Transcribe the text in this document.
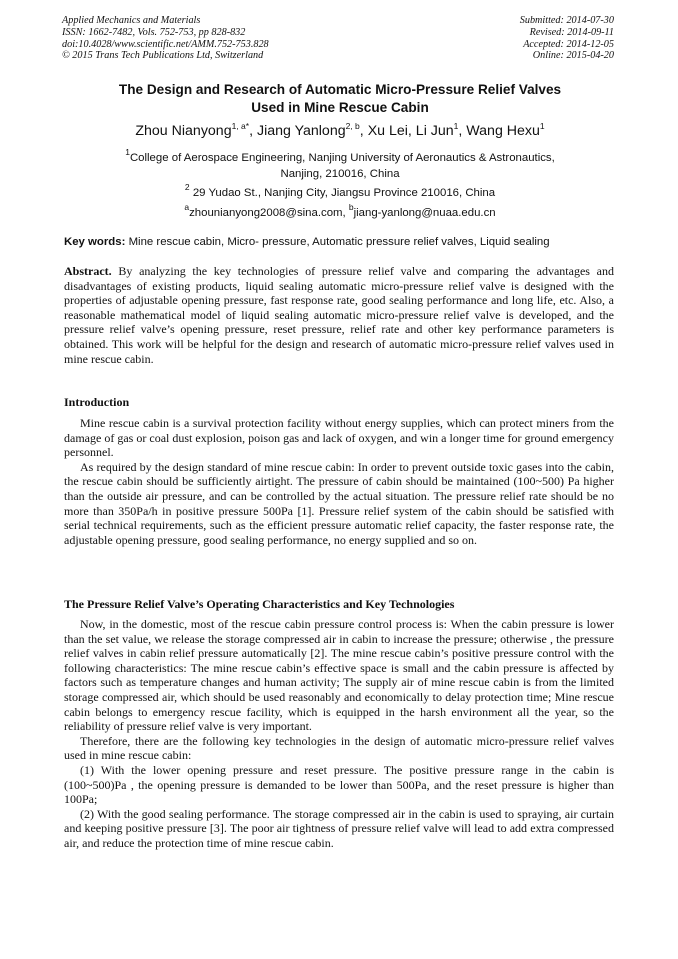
Applied Mechanics and Materials
ISSN: 1662-7482, Vols. 752-753, pp 828-832
doi:10.4028/www.scientific.net/AMM.752-753.828
© 2015 Trans Tech Publications Ltd, Switzerland
Submitted: 2014-07-30
Revised: 2014-09-11
Accepted: 2014-12-05
Online: 2015-04-20
The Design and Research of Automatic Micro-Pressure Relief Valves
Used in Mine Rescue Cabin
Zhou Nianyong$^{1, a*}$, Jiang Yanlong$^{2, b}$, Xu Lei, Li Jun$^1$, Wang Hexu$^1$
$^1$College of Aerospace Engineering, Nanjing University of Aeronautics & Astronautics,
Nanjing, 210016, China
$^2$ 29 Yudao St., Nanjing City, Jiangsu Province 210016, China
$^a$zhounianyong2008@sina.com, $^b$jiang-yanlong@nuaa.edu.cn
Key words: Mine rescue cabin, Micro- pressure, Automatic pressure relief valves, Liquid sealing

Abstract. By analyzing the key technologies of pressure relief valve and comparing the advantages and disadvantages of existing products, liquid sealing automatic micro-pressure relief valve is designed with the properties of adjustable opening pressure, fast response rate, good sealing performance and long life, etc. Also, a reasonable mathematical model of liquid sealing automatic micro-pressure relief valve is developed, and the pressure relief valve’s opening pressure, reset pressure, relief rate and other key performance parameters is obtained. This work will be helpful for the design and research of automatic micro-pressure relief valves used in mine rescue cabin.

Introduction

Mine rescue cabin is a survival protection facility without energy supplies, which can protect miners from the damage of gas or coal dust explosion, poison gas and lack of oxygen, and win a longer time for ground emergency personnel.

As required by the design standard of mine rescue cabin: In order to prevent outside toxic gases into the cabin, the rescue cabin should be sufficiently airtight. The pressure of cabin should be maintained (100~500) Pa higher than the outside air pressure, and can be controlled by the actual situation. The pressure relief rate should be no more than 350Pa/h in positive pressure 500Pa [1]. Pressure relief system of the cabin should be satisfied with serial technical requirements, such as the efficient pressure automatic relief capacity, the faster response rate, the adjustable opening pressure, good sealing performance, no energy supplied and so on.

The Pressure Relief Valve’s Operating Characteristics and Key Technologies

Now, in the domestic, most of the rescue cabin pressure control process is: When the cabin pressure is lower than the set value, we release the storage compressed air in cabin to increase the pressure; otherwise , the pressure relief valves in cabin relief pressure automatically [2]. The mine rescue cabin’s positive pressure control with the following characteristics: The mine rescue cabin’s effective space is small and the cabin pressure is affected by factors such as temperature changes and human activity; The supply air of mine rescue cabin is from the limited storage compressed air, which should be used reasonably and economically to delay protection time; Mine rescue cabin belongs to emergency rescue facility, which is equipped in the harsh environment all the year, so the reliability of pressure relief valve is very important.

Therefore, there are the following key technologies in the design of automatic micro-pressure relief valves used in mine rescue cabin:

(1) With the lower opening pressure and reset pressure. The positive pressure range in the cabin is (100~500)Pa , the opening pressure is demanded to be lower than 500Pa, and the reset pressure is higher than 100Pa;

(2) With the good sealing performance. The storage compressed air in the cabin is used to spraying, air curtain and keeping positive pressure [3]. The poor air tightness of pressure relief valve will lead to add extra compressed air, and reduce the protection time of mine rescue cabin.
